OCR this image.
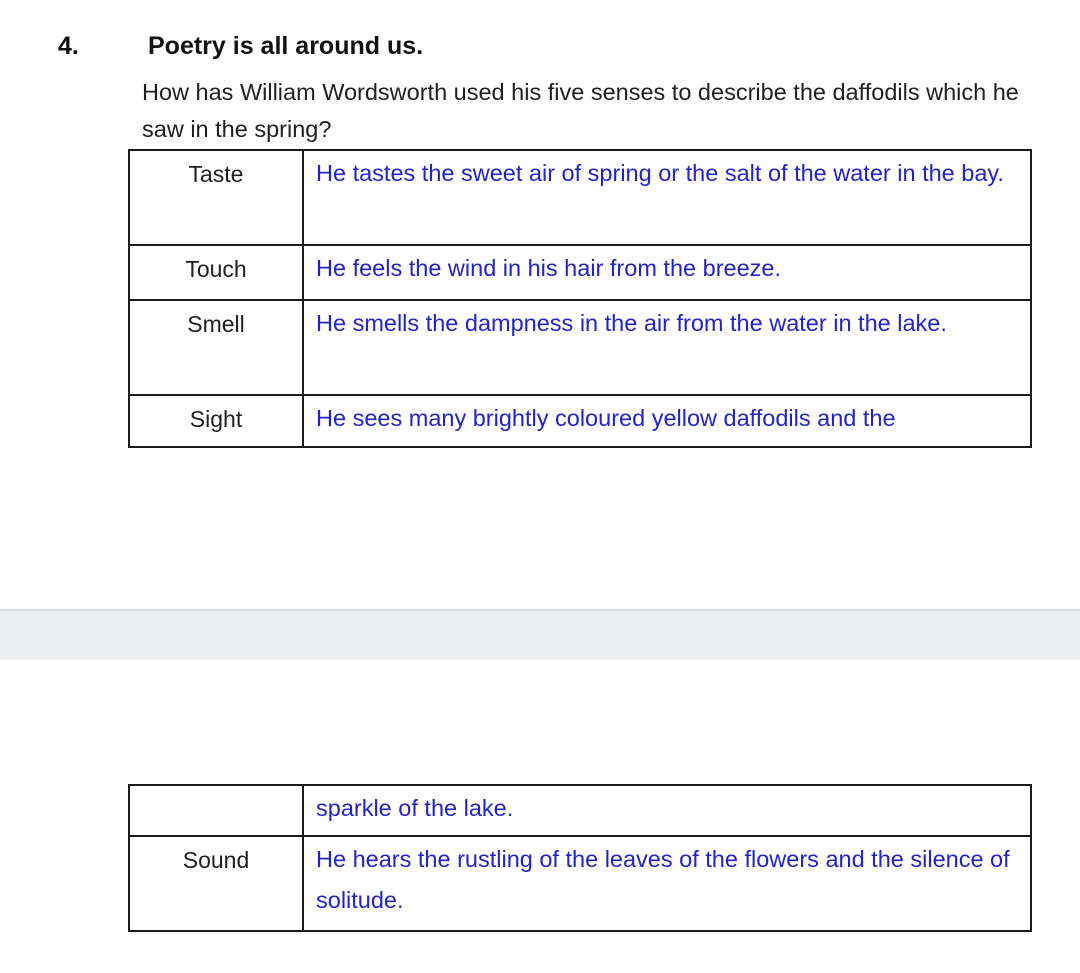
4.	Poetry is all around us.
How has William Wordsworth used his five senses to describe the daffodils which he saw in the spring?
Taste	He tastes the sweet air of spring or the salt of the water in the bay.
Touch	He feels the wind in his hair from the breeze.
Smell	He smells the dampness in the air from the water in the lake.
Sight	He sees many brightly coloured yellow daffodils and the
	sparkle of the lake.
Sound	He hears the rustling of the leaves of the flowers and the silence of solitude.
